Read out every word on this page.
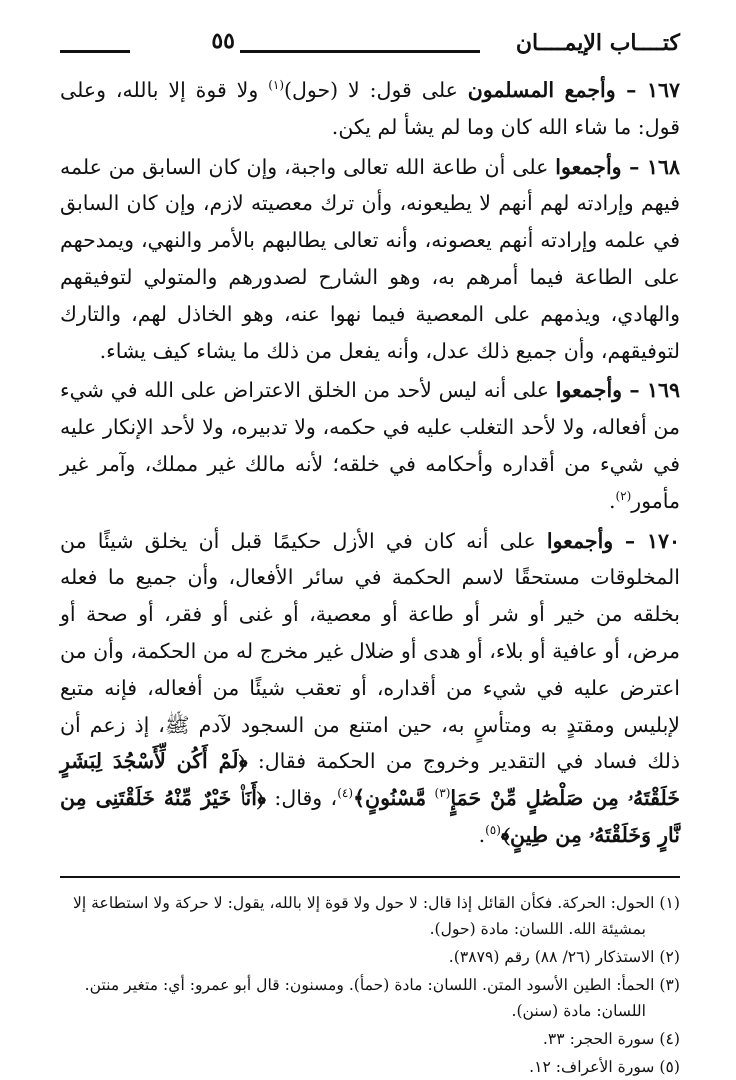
كتــــاب الإيمــــان
٥٥

١٦٧ – وأجمع المسلمون على قول: لا (حول)$^{(١)}$ ولا قوة إلا بالله، وعلى قول: ما شاء الله كان وما لم يشأ لم يكن.

١٦٨ – وأجمعوا على أن طاعة الله تعالى واجبة، وإن كان السابق من علمه فيهم وإرادته لهم أنهم لا يطيعونه، وأن ترك معصيته لازم، وإن كان السابق في علمه وإرادته أنهم يعصونه، وأنه تعالى يطالبهم بالأمر والنهي، ويمدحهم على الطاعة فيما أمرهم به، وهو الشارح لصدورهم والمتولي لتوفيقهم والهادي، ويذمهم على المعصية فيما نهوا عنه، وهو الخاذل لهم، والتارك لتوفيقهم، وأن جميع ذلك عدل، وأنه يفعل من ذلك ما يشاء كيف يشاء.

١٦٩ – وأجمعوا على أنه ليس لأحد من الخلق الاعتراض على الله في شيء من أفعاله، ولا لأحد التغلب عليه في حكمه، ولا تدبيره، ولا لأحد الإنكار عليه في شيء من أقداره وأحكامه في خلقه؛ لأنه مالك غير مملك، وآمر غير مأمور$^{(٢)}$.

١٧٠ – وأجمعوا على أنه كان في الأزل حكيمًا قبل أن يخلق شيئًا من المخلوقات مستحقًا لاسم الحكمة في سائر الأفعال، وأن جميع ما فعله بخلقه من خير أو شر أو طاعة أو معصية، أو غنى أو فقر، أو صحة أو مرض، أو عافية أو بلاء، أو هدى أو ضلال غير مخرج له من الحكمة، وأن من اعترض عليه في شيء من أقداره، أو تعقب شيئًا من أفعاله، فإنه متبع لإبليس ومقتدٍ به ومتأسٍ به، حين امتنع من السجود لآدم ﷺ، إذ زعم أن ذلك فساد في التقدير وخروج من الحكمة فقال: ﴿لَمْ أَكُن لِّأَسْجُدَ لِبَشَرٍ خَلَقْتَهُۥ مِن صَلْصَٰلٍ مِّنْ حَمَإٍ$^{(٣)}$ مَّسْنُونٍ﴾$^{(٤)}$، وقال: ﴿أَنَا۠ خَيْرٌ مِّنْهُ خَلَقْتَنِى مِن نَّارٍ وَخَلَقْتَهُۥ مِن طِينٍ﴾$^{(٥)}$.

(١) الحول: الحركة. فكأن القائل إذا قال: لا حول ولا قوة إلا بالله، يقول: لا حركة ولا استطاعة إلا بمشيئة الله. اللسان: مادة (حول).

(٢) الاستذكار (٢٦/ ٨٨) رقم (٣٨٧٩).

(٣) الحمأ: الطين الأسود المتن. اللسان: مادة (حمأ). ومسنون: قال أبو عمرو: أي: متغير منتن. اللسان: مادة (سنن).

(٤) سورة الحجر: ٣٣.

(٥) سورة الأعراف: ١٢.
